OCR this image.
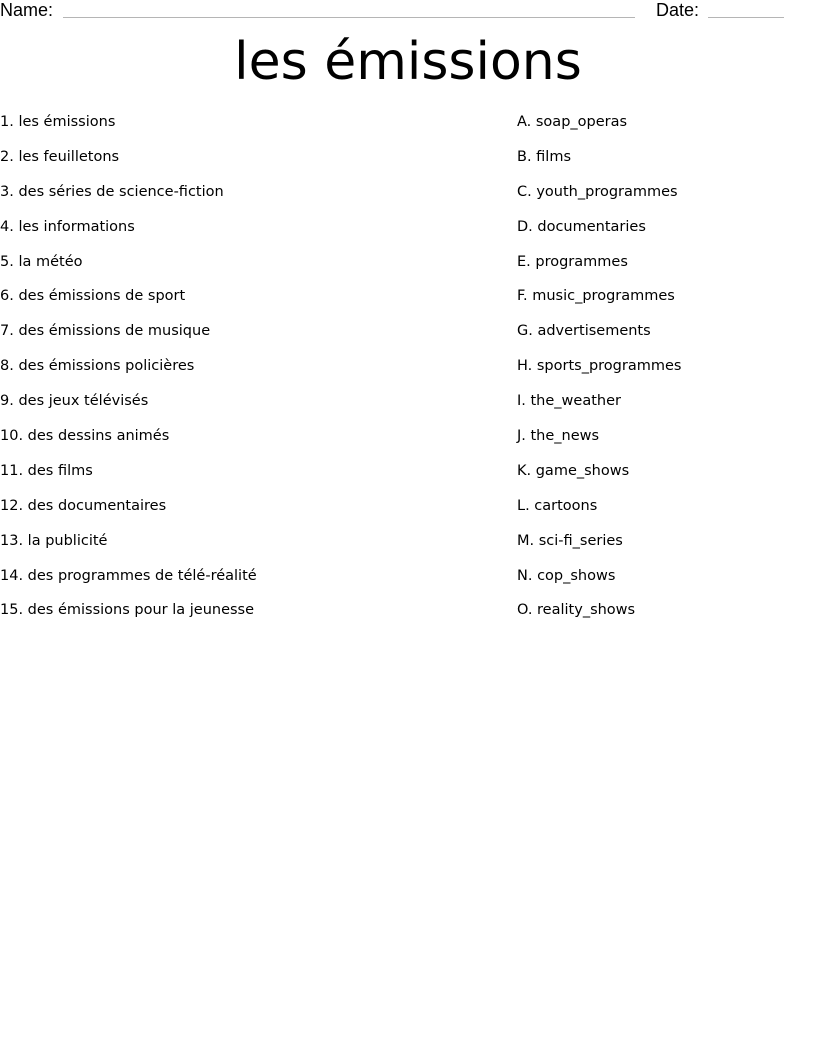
Name:	Date:
les émissions
1. les émissions
2. les feuilletons
3. des séries de science-fiction
4. les informations
5. la météo
6. des émissions de sport
7. des émissions de musique
8. des émissions policières
9. des jeux télévisés
10. des dessins animés
11. des films
12. des documentaires
13. la publicité
14. des programmes de télé-réalité
15. des émissions pour la jeunesse
A. soap_operas
B. films
C. youth_programmes
D. documentaries
E. programmes
F. music_programmes
G. advertisements
H. sports_programmes
I. the_weather
J. the_news
K. game_shows
L. cartoons
M. sci-fi_series
N. cop_shows
O. reality_shows
